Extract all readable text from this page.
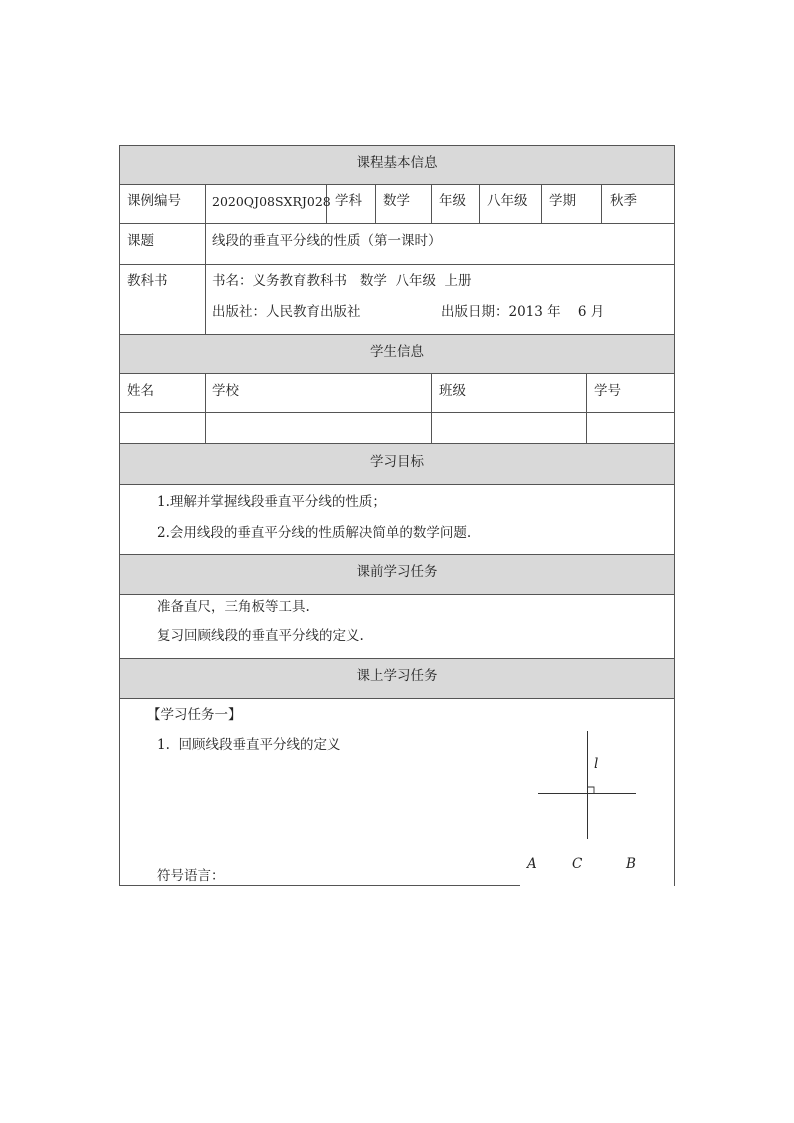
课程基本信息
课例编号 2020QJ08SXRJ028 学科 数学 年级 八年级 学期	秋季
课题	线段的垂直平分线的性质（第一课时）
教科书	书名：义务教育教科书   数学  八年级  上册
出版社：人民教育出版社	出版日期：2013 年    6 月
学生信息
姓名	学校	班级	学号
学习目标
1.理解并掌握线段垂直平分线的性质；
2.会用线段的垂直平分线的性质解决简单的数学问题.
课前学习任务
准备直尺，三角板等工具.
复习回顾线段的垂直平分线的定义.
课上学习任务
【学习任务一】
1.  回顾线段垂直平分线的定义
符号语言：
l
A	C	B
